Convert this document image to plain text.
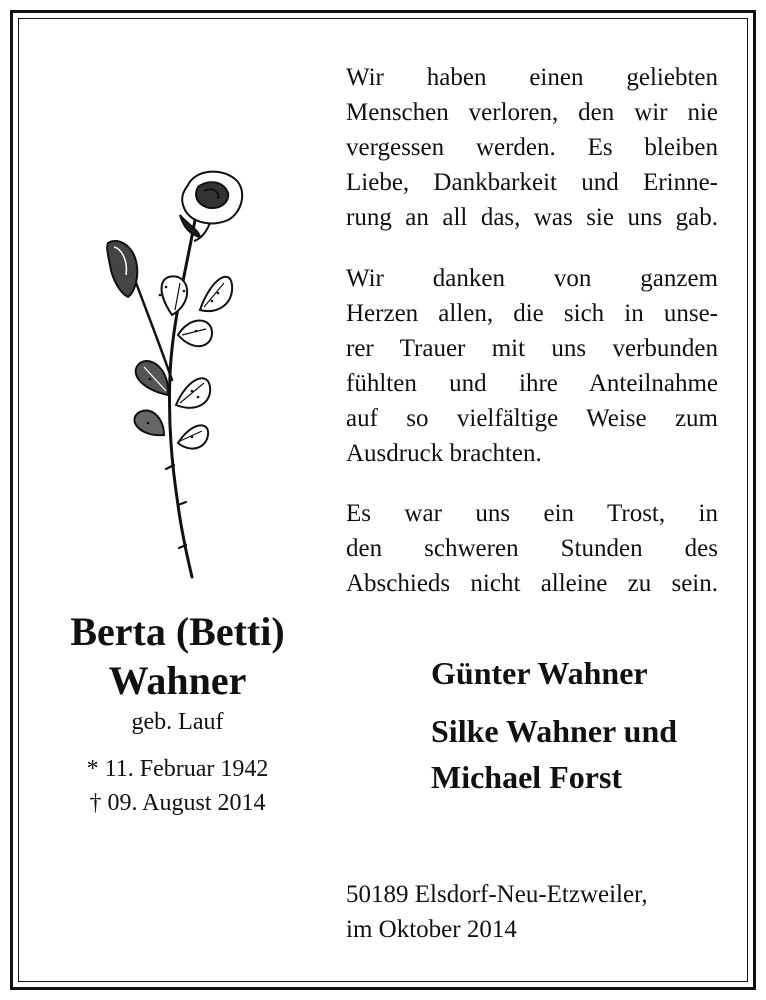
Wir haben einen geliebten
Menschen verloren, den wir nie
vergessen werden. Es bleiben
Liebe, Dankbarkeit und Erinne-
rung an all das, was sie uns gab.
Wir danken von ganzem
Herzen allen, die sich in unse-
rer Trauer mit uns verbunden
fühlten und ihre Anteilnahme
auf so vielfältige Weise zum
Ausdruck brachten.
Es war uns ein Trost, in
den schweren Stunden des
Abschieds nicht alleine zu sein.
Berta (Betti)
Wahner
geb. Lauf
* 11. Februar 1942
† 09. August 2014
Günter Wahner
Silke Wahner und
Michael Forst
50189 Elsdorf-Neu-Etzweiler,
im Oktober 2014
